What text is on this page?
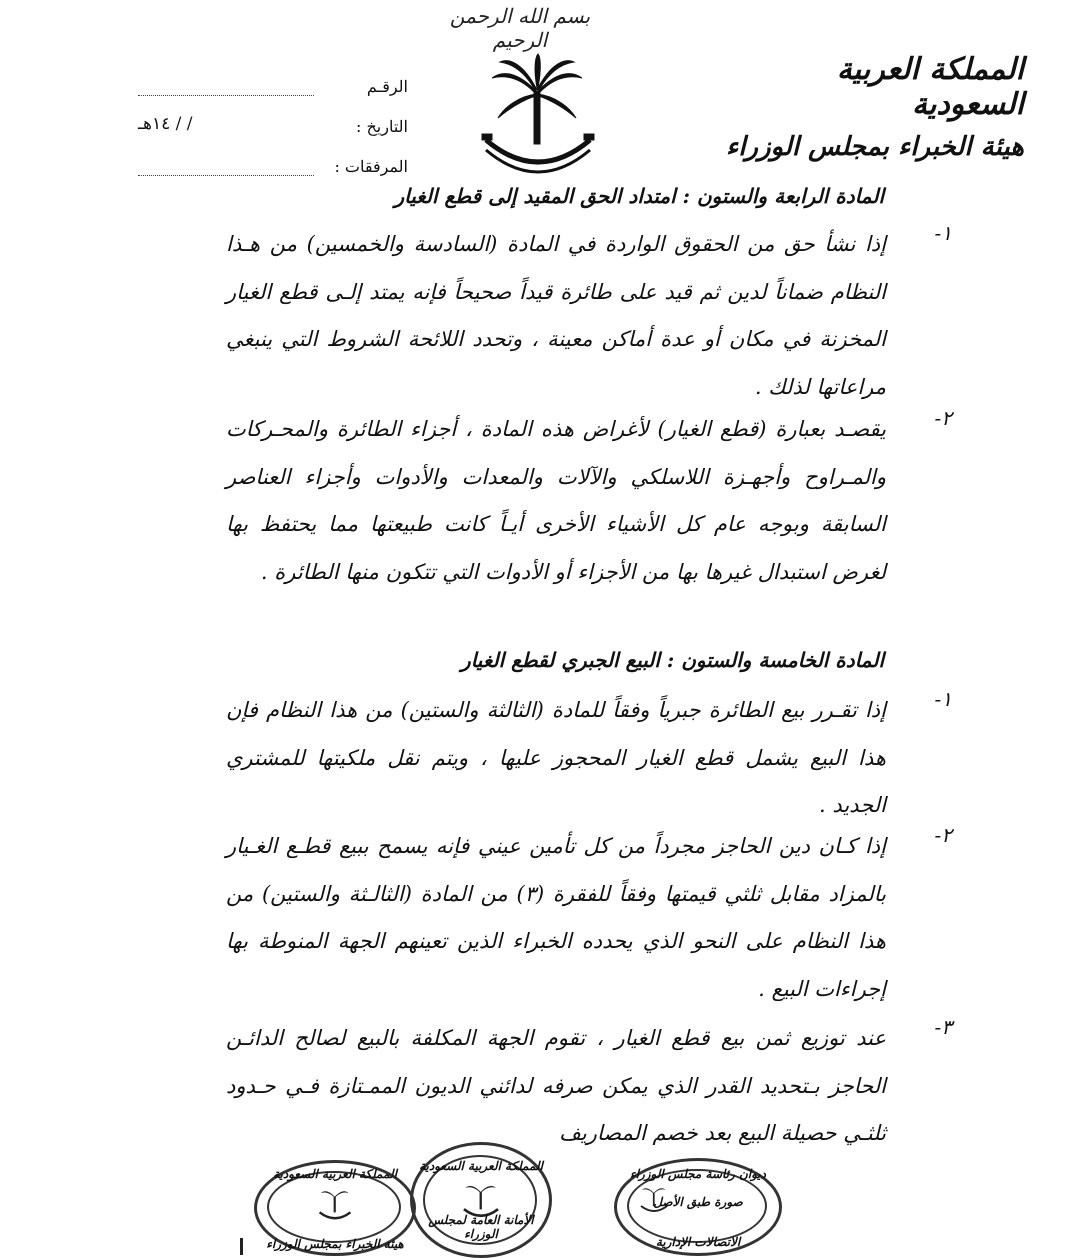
بسم الله الرحمن الرحيم
المملكة العربية السعودية
هيئة الخبراء بمجلس الوزراء
الرقـم
التاريخ :
/ / ١٤هـ
المرفقات :
المادة الرابعة والستون : امتداد الحق المقيد إلى قطع الغيار
١-
إذا نشأ حق من الحقوق الواردة في المادة (السادسة والخمسين) من هـذا النظام ضماناً لدين ثم قيد على طائرة قيداً صحيحاً فإنه يمتد إلـى قطع الغيار المخزنة في مكان أو عدة أماكن معينة ، وتحدد اللائحة الشروط التي ينبغي مراعاتها لذلك .
٢-
يقصـد بعبارة (قطع الغيار) لأغراض هذه المادة ، أجزاء الطائرة والمحـركات والمـراوح وأجهـزة اللاسلكي والآلات والمعدات والأدوات وأجزاء العناصر السابقة وبوجه عام كل الأشياء الأخرى أيـاً كانت طبيعتها مما يحتفظ بها لغرض استبدال غيرها بها من الأجزاء أو الأدوات التي تتكون منها الطائرة .
المادة الخامسة والستون : البيع الجبري لقطع الغيار
١-
إذا تقـرر بيع الطائرة جبرياً وفقاً للمادة (الثالثة والستين) من هذا النظام فإن هذا البيع يشمل قطع الغيار المحجوز عليها ، ويتم نقل ملكيتها للمشتري الجديد .
٢-
إذا كـان دين الحاجز مجرداً من كل تأمين عيني فإنه يسمح ببيع قطـع الغـيار بالمزاد مقابل ثلثي قيمتها وفقاً للفقرة (٣) من المادة (الثالـثة والستين) من هذا النظام على النحو الذي يحدده الخبراء الذين تعينهم الجهة المنوطة بها إجراءات البيع .
٣-
عند توزيع ثمن بيع قطع الغيار ، تقوم الجهة المكلفة بالبيع لصالح الدائـن الحاجز بـتحديد القدر الذي يمكن صرفه لدائني الديون الممـتازة فـي حـدود ثلثـي حصيلة البيع بعد خصم المصاريف
المملكة العربية السعودية
هيئة الخبراء بمجلس الوزراء
المملكة العربية السعودية
الأمانة العامة لمجلس الوزراء
ديوان رئاسة مجلس الوزراء
صورة طبق الأصل
الاتصالات الإدارية
